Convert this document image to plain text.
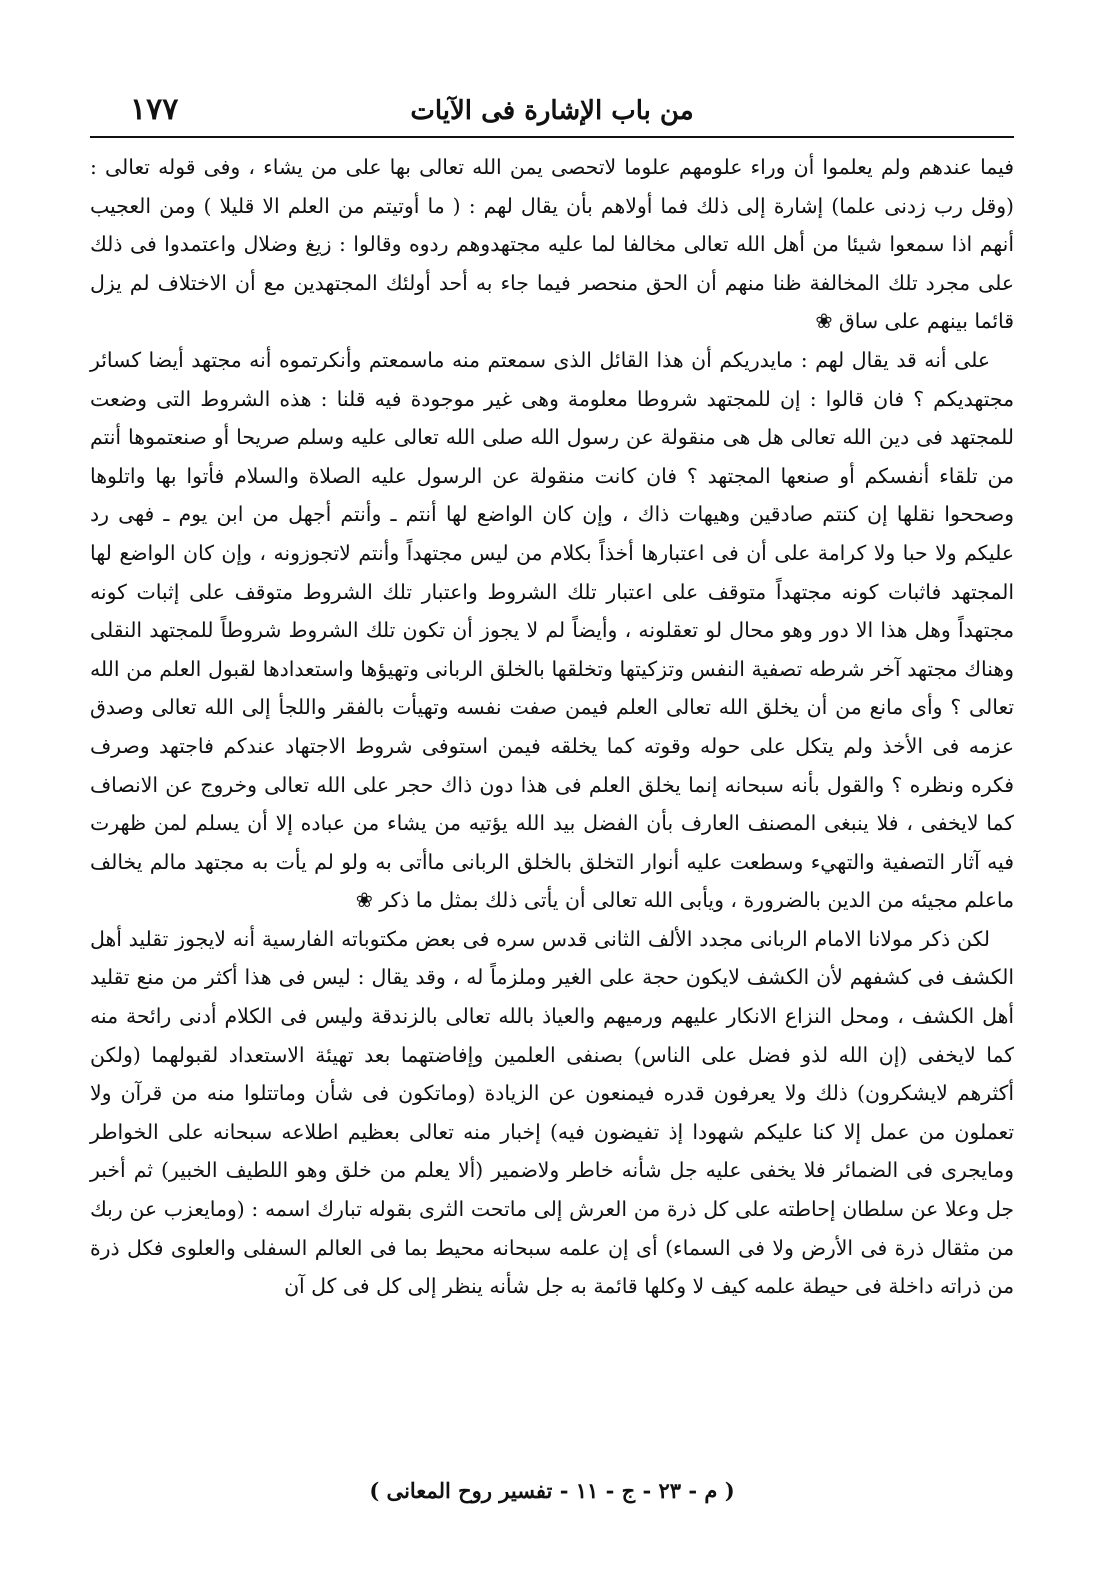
١٧٧	من باب الإشارة فى الآيات

فيما عندهم ولم يعلموا أن وراء علومهم علوما لاتحصى يمن الله تعالى بها على من يشاء ، وفى قوله تعالى : (وقل رب زدنى علما) إشارة إلى ذلك فما أولاهم بأن يقال لهم : ( ما أوتيتم من العلم الا قليلا ) ومن العجيب أنهم اذا سمعوا شيئا من أهل الله تعالى مخالفا لما عليه مجتهدوهم ردوه وقالوا : زيغ وضلال واعتمدوا فى ذلك على مجرد تلك المخالفة ظنا منهم أن الحق منحصر فيما جاء به أحد أولئك المجتهدين مع أن الاختلاف لم يزل قائما بينهم على ساق ❀

على أنه قد يقال لهم : مايدريكم أن هذا القائل الذى سمعتم منه ماسمعتم وأنكرتموه أنه مجتهد أيضا كسائر مجتهديكم ؟ فان قالوا : إن للمجتهد شروطا معلومة وهى غير موجودة فيه قلنا : هذه الشروط التى وضعت للمجتهد فى دين الله تعالى هل هى منقولة عن رسول الله صلى الله تعالى عليه وسلم صريحا أو صنعتموها أنتم من تلقاء أنفسكم أو صنعها المجتهد ؟ فان كانت منقولة عن الرسول عليه الصلاة والسلام فأتوا بها واتلوها وصححوا نقلها إن كنتم صادقين وهيهات ذاك ، وإن كان الواضع لها أنتم ـ وأنتم أجهل من ابن يوم ـ فهى رد عليكم ولا حبا ولا كرامة على أن فى اعتبارها أخذاً بكلام من ليس مجتهداً وأنتم لاتجوزونه ، وإن كان الواضع لها المجتهد فاثبات كونه مجتهداً متوقف على اعتبار تلك الشروط واعتبار تلك الشروط متوقف على إثبات كونه مجتهداً وهل هذا الا دور وهو محال لو تعقلونه ، وأيضاً لم لا يجوز أن تكون تلك الشروط شروطاً للمجتهد النقلى وهناك مجتهد آخر شرطه تصفية النفس وتزكيتها وتخلقها بالخلق الربانى وتهيؤها واستعدادها لقبول العلم من الله تعالى ؟ وأى مانع من أن يخلق الله تعالى العلم فيمن صفت نفسه وتهيأت بالفقر واللجأ إلى الله تعالى وصدق عزمه فى الأخذ ولم يتكل على حوله وقوته كما يخلقه فيمن استوفى شروط الاجتهاد عندكم فاجتهد وصرف فكره ونظره ؟ والقول بأنه سبحانه إنما يخلق العلم فى هذا دون ذاك حجر على الله تعالى وخروج عن الانصاف كما لايخفى ، فلا ينبغى المصنف العارف بأن الفضل بيد الله يؤتيه من يشاء من عباده إلا أن يسلم لمن ظهرت فيه آثار التصفية والتهيء وسطعت عليه أنوار التخلق بالخلق الربانى ماأتى به ولو لم يأت به مجتهد مالم يخالف ماعلم مجيئه من الدين بالضرورة ، ويأبى الله تعالى أن يأتى ذلك بمثل ما ذكر ❀

لكن ذكر مولانا الامام الربانى مجدد الألف الثانى قدس سره فى بعض مكتوباته الفارسية أنه لايجوز تقليد أهل الكشف فى كشفهم لأن الكشف لايكون حجة على الغير وملزماً له ، وقد يقال : ليس فى هذا أكثر من منع تقليد أهل الكشف ، ومحل النزاع الانكار عليهم ورميهم والعياذ بالله تعالى بالزندقة وليس فى الكلام أدنى رائحة منه كما لايخفى (إن الله لذو فضل على الناس) بصنفى العلمين وإفاضتهما بعد تهيئة الاستعداد لقبولهما (ولكن أكثرهم لايشكرون) ذلك ولا يعرفون قدره فيمنعون عن الزيادة (وماتكون فى شأن وماتتلوا منه من قرآن ولا تعملون من عمل إلا كنا عليكم شهودا إذ تفيضون فيه) إخبار منه تعالى بعظيم اطلاعه سبحانه على الخواطر ومايجرى فى الضمائر فلا يخفى عليه جل شأنه خاطر ولاضمير (ألا يعلم من خلق وهو اللطيف الخبير) ثم أخبر جل وعلا عن سلطان إحاطته على كل ذرة من العرش إلى ماتحت الثرى بقوله تبارك اسمه : (ومايعزب عن ربك من مثقال ذرة فى الأرض ولا فى السماء) أى إن علمه سبحانه محيط بما فى العالم السفلى والعلوى فكل ذرة من ذراته داخلة فى حيطة علمه كيف لا وكلها قائمة به جل شأنه ينظر إلى كل فى كل آن

( م - ٢٣ - ج - ١١ - تفسير روح المعانى )
